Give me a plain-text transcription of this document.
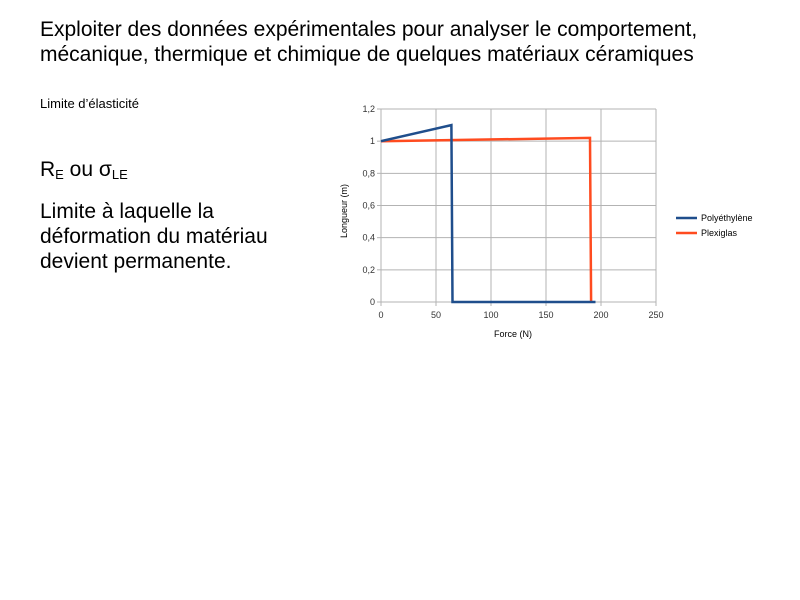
Exploiter des données expérimentales pour analyser le comportement,
mécanique, thermique et chimique de quelques matériaux céramiques
Limite d’élasticité
$R_E$ ou $\sigma_{LE}$
Limite à laquelle la déformation du matériau devient permanente.
0
0,2
0,4
0,6
0,8
1
1,2
0	50	100	150	200	250
Force (N)
Longueur (m)	Polyéthylène
Plexiglas
